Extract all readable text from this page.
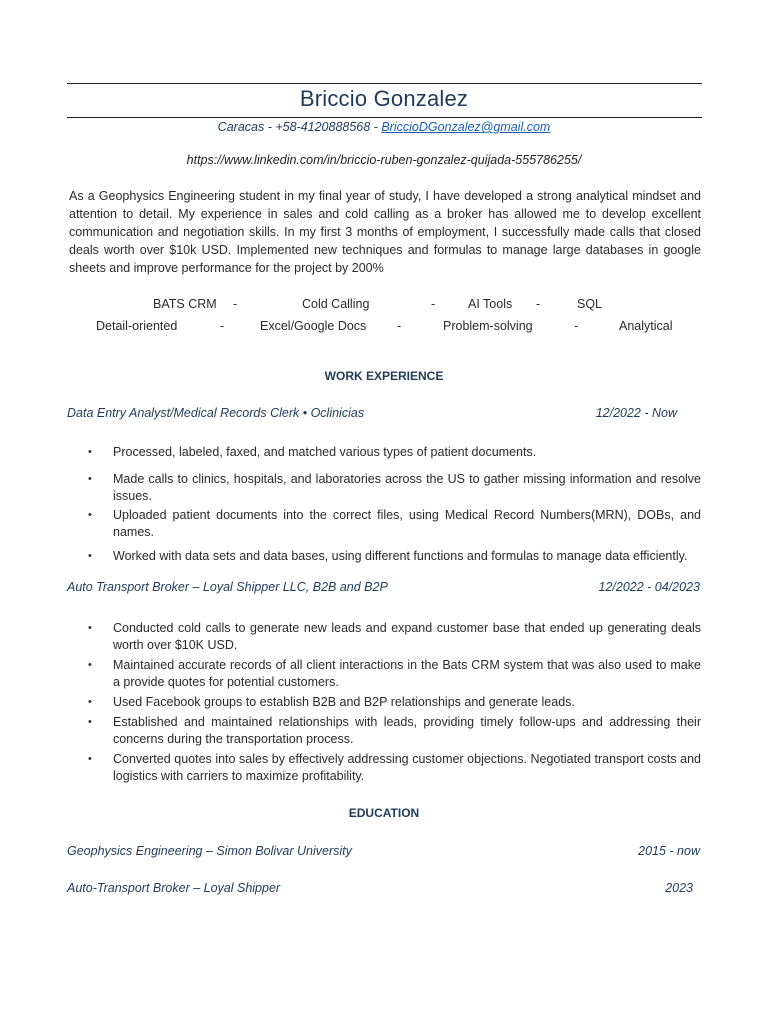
Briccio Gonzalez
Caracas - +58-4120888568 - BriccioDGonzalez@gmail.com
https://www.linkedin.com/in/briccio-ruben-gonzalez-quijada-555786255/
As a Geophysics Engineering student in my final year of study, I have developed a strong analytical mindset and attention to detail. My experience in sales and cold calling as a broker has allowed me to develop excellent communication and negotiation skills. In my first 3 months of employment, I successfully made calls that closed deals worth over $10k USD. Implemented new techniques and formulas to manage large databases in google sheets and improve performance for the project by 200%
BATS CRM -	Cold Calling	-	AI Tools -	SQL
Detail-oriented	-	Excel/Google Docs -	Problem-solving	-	Analytical
WORK EXPERIENCE
Data Entry Analyst/Medical Records Clerk • Oclinicias	12/2022 - Now
• Processed, labeled, faxed, and matched various types of patient documents.
• Made calls to clinics, hospitals, and laboratories across the US to gather missing information and resolve issues.
• Uploaded patient documents into the correct files, using Medical Record Numbers(MRN), DOBs, and names.
• Worked with data sets and data bases, using different functions and formulas to manage data efficiently.
Auto Transport Broker – Loyal Shipper LLC, B2B and B2P	12/2022 - 04/2023
• Conducted cold calls to generate new leads and expand customer base that ended up generating deals worth over $10K USD.
• Maintained accurate records of all client interactions in the Bats CRM system that was also used to make a provide quotes for potential customers.
• Used Facebook groups to establish B2B and B2P relationships and generate leads.
• Established and maintained relationships with leads, providing timely follow-ups and addressing their concerns during the transportation process.
• Converted quotes into sales by effectively addressing customer objections. Negotiated transport costs and logistics with carriers to maximize profitability.
EDUCATION
Geophysics Engineering – Simon Bolivar University	2015 - now
Auto-Transport Broker – Loyal Shipper	2023
